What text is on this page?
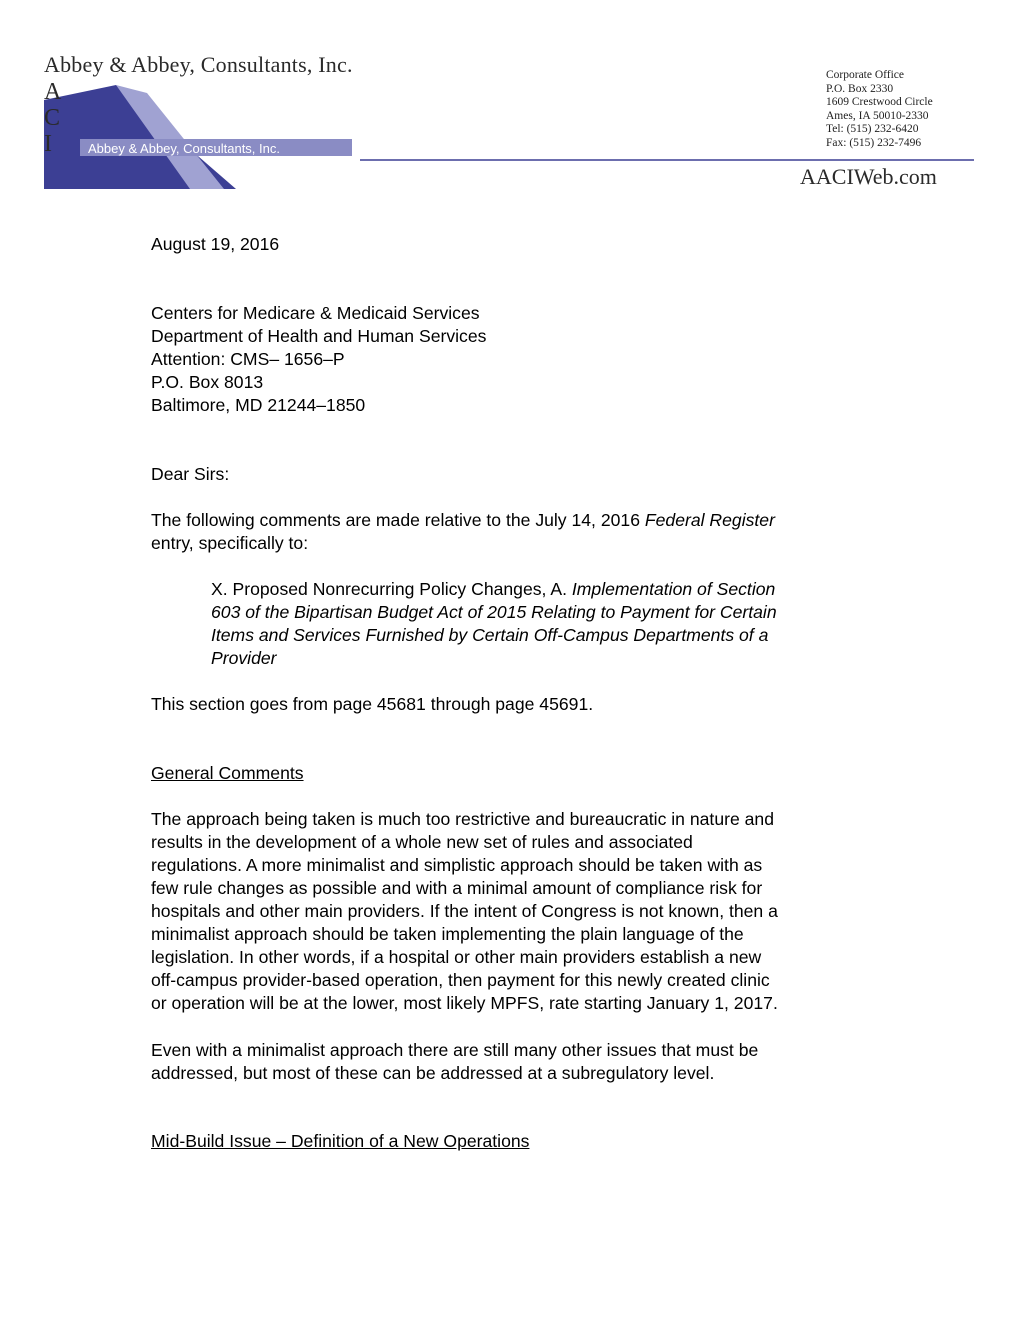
Abbey & Abbey, Consultants, Inc.
A
C
I	Abbey & Abbey, Consultants, Inc.
Corporate Office
P.O. Box 2330
1609 Crestwood Circle
Ames, IA 50010-2330
Tel: (515) 232-6420
Fax: (515) 232-7496
AACIWeb.com
August 19, 2016
Centers for Medicare & Medicaid Services
Department of Health and Human Services
Attention: CMS– 1656–P
P.O. Box 8013
Baltimore, MD 21244–1850
Dear Sirs:
The following comments are made relative to the July 14, 2016 Federal Register
entry, specifically to:
X. Proposed Nonrecurring Policy Changes, A. Implementation of Section
603 of the Bipartisan Budget Act of 2015 Relating to Payment for Certain
Items and Services Furnished by Certain Off-Campus Departments of a
Provider
This section goes from page 45681 through page 45691.
General Comments
The approach being taken is much too restrictive and bureaucratic in nature and
results in the development of a whole new set of rules and associated
regulations. A more minimalist and simplistic approach should be taken with as
few rule changes as possible and with a minimal amount of compliance risk for
hospitals and other main providers. If the intent of Congress is not known, then a
minimalist approach should be taken implementing the plain language of the
legislation. In other words, if a hospital or other main providers establish a new
off-campus provider-based operation, then payment for this newly created clinic
or operation will be at the lower, most likely MPFS, rate starting January 1, 2017.
Even with a minimalist approach there are still many other issues that must be
addressed, but most of these can be addressed at a subregulatory level.
Mid-Build Issue – Definition of a New Operations
